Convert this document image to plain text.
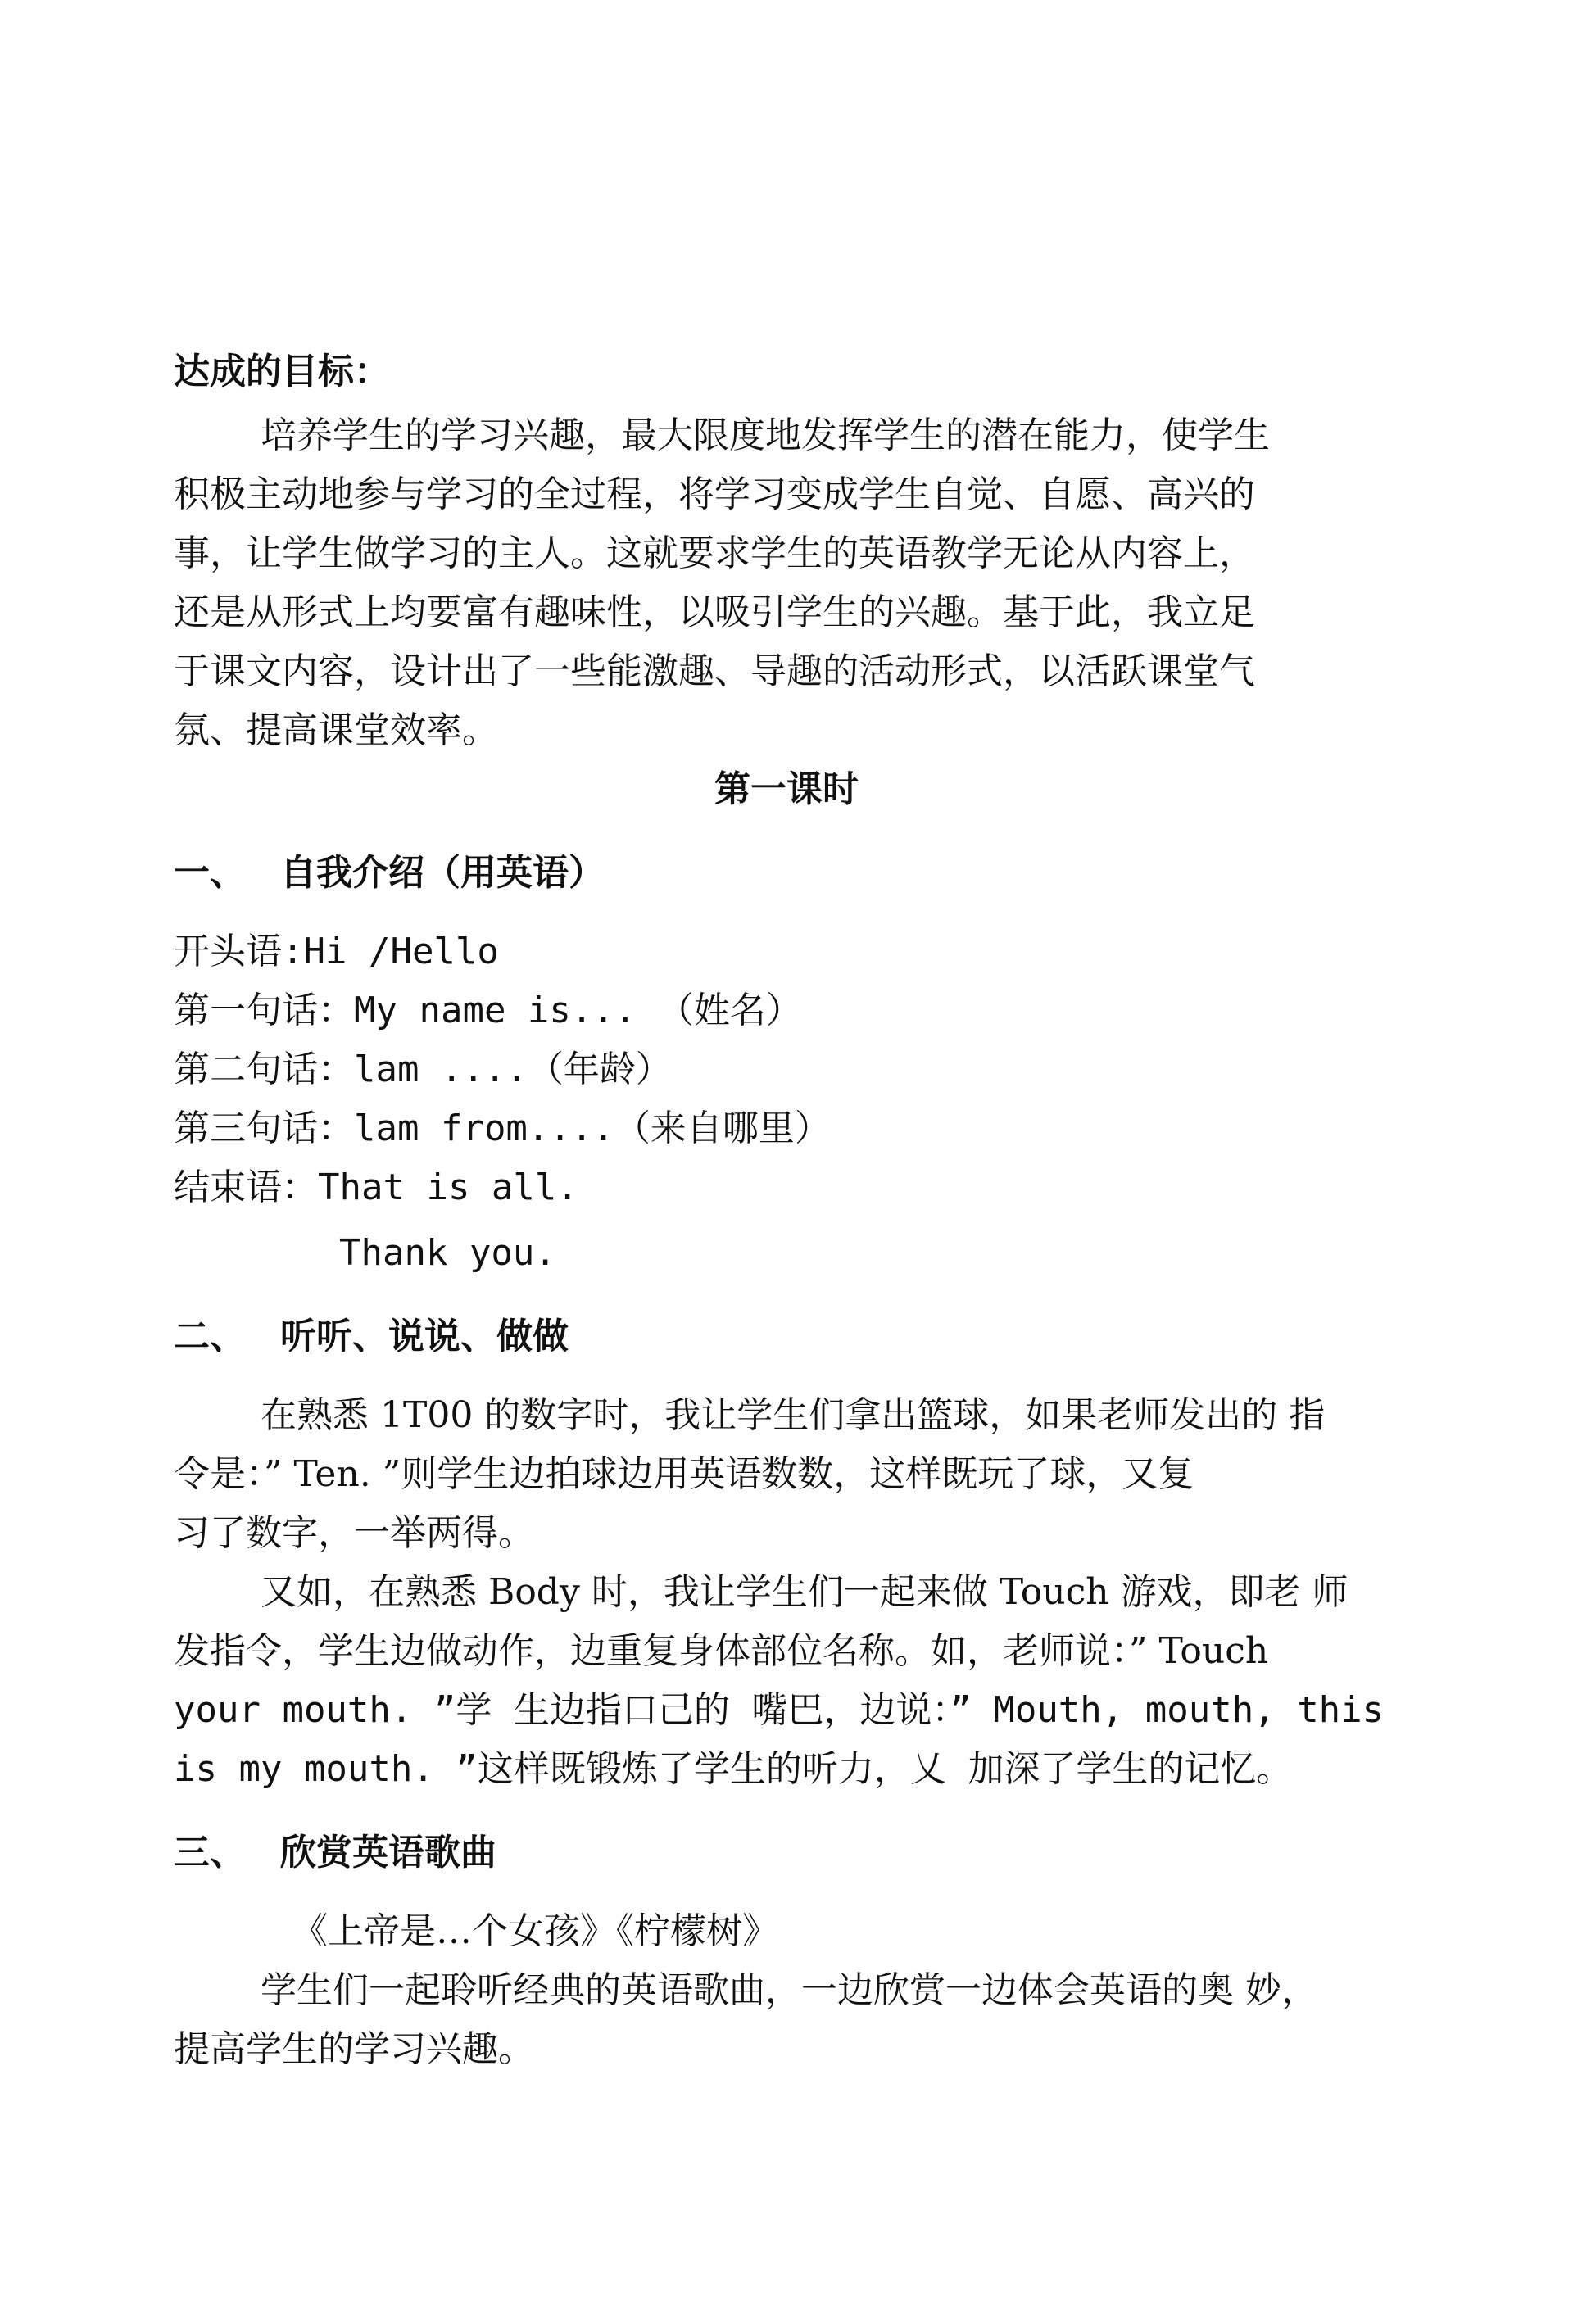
达成的目标：
培养学生的学习兴趣，最大限度地发挥学生的潜在能力，使学生
积极主动地参与学习的全过程，将学习变成学生自觉、自愿、高兴的
事，让学生做学习的主人。这就要求学生的英语教学无论从内容上，
还是从形式上均要富有趣味性，以吸引学生的兴趣。基于此，我立足
于课文内容，设计出了一些能激趣、导趣的活动形式，以活跃课堂气
氛、提高课堂效率。
第一课时
一、 自我介绍（用英语）
开头语:Hi /Hello
第一句话：My name is... （姓名）
第二句话：lam ....（年龄）
第三句话：lam from....（来自哪里）
结束语：That is all.
Thank you.
二、 听听、说说、做做
在熟悉 1T00 的数字时，我让学生们拿出篮球，如果老师发出的 指
令是：” Ten. ”则学生边拍球边用英语数数，这样既玩了球，又复
习了数字，一举两得。
又如，在熟悉 Body 时，我让学生们一起来做 Touch 游戏，即老 师
发指令，学生边做动作，边重复身体部位名称。如，老师说：” Touch
your mouth. ”学 生边指口己的 嘴巴，边说：” Mouth, mouth, this
is my mouth. ”这样既锻炼了学生的听力，乂 加深了学生的记忆。
三、 欣赏英语歌曲
《上帝是…个女孩》《柠檬树》
学生们一起聆听经典的英语歌曲，一边欣赏一边体会英语的奥 妙，
提高学生的学习兴趣。
